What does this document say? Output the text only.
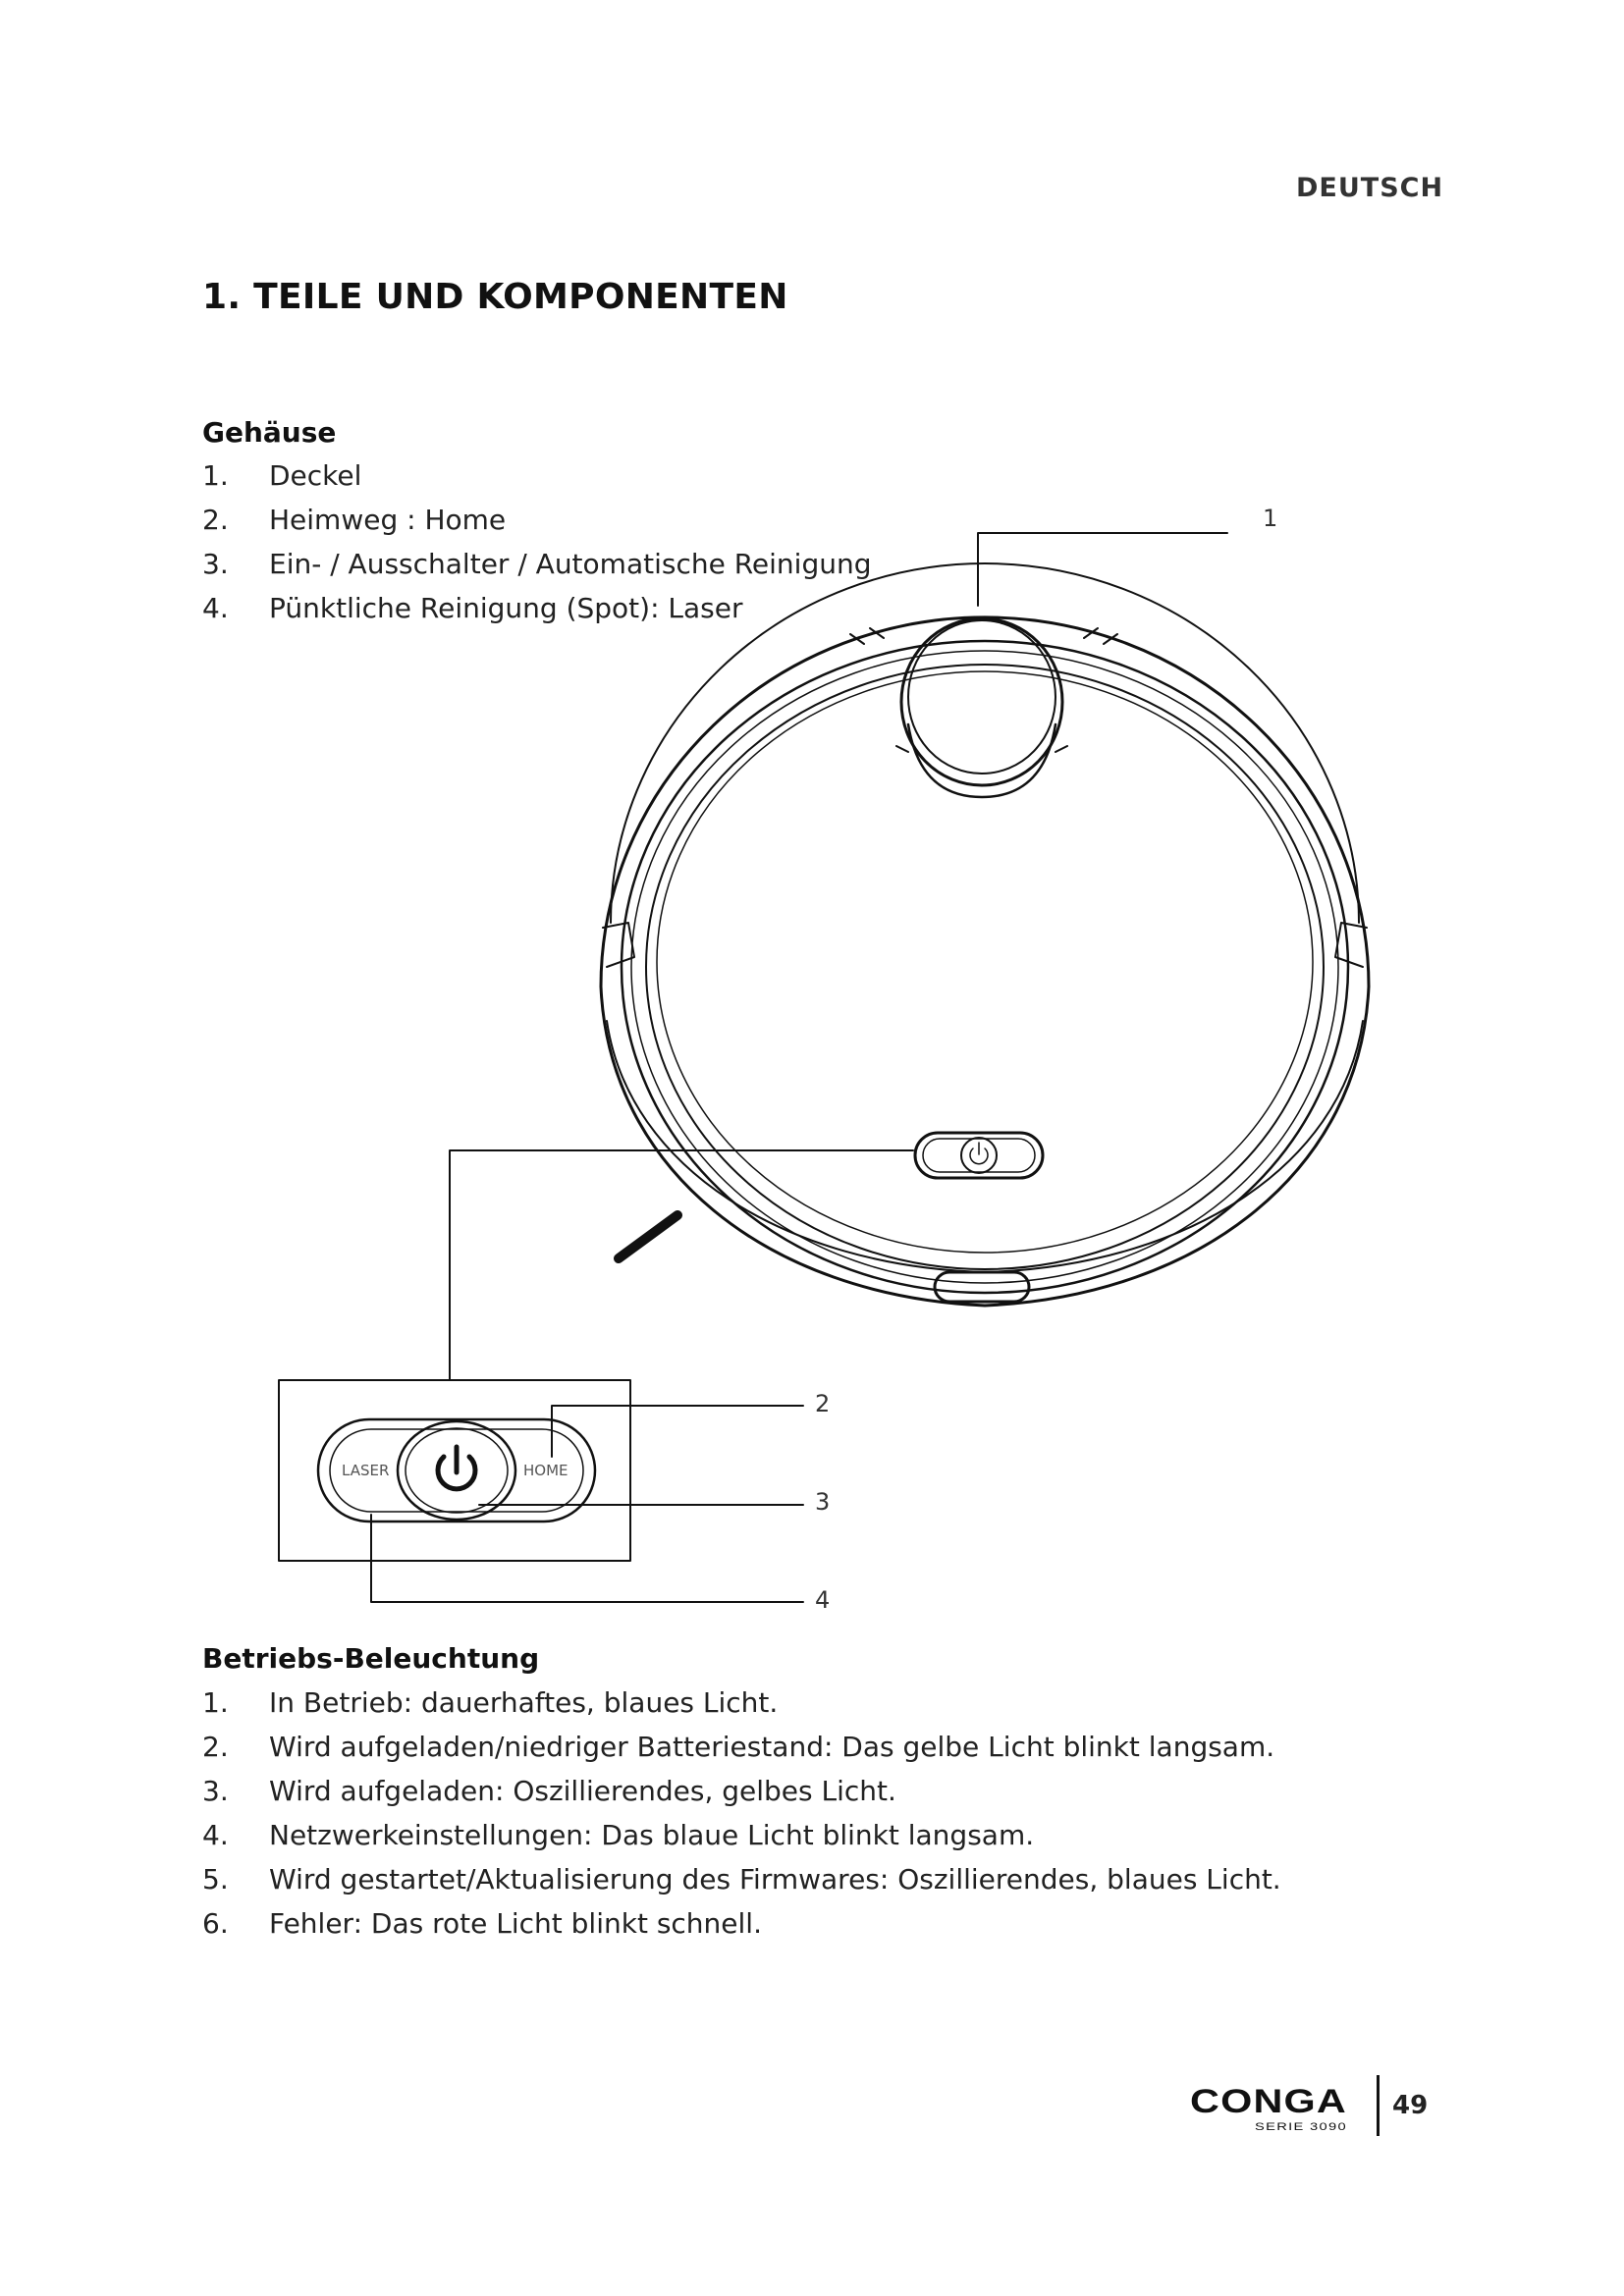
DEUTSCH
1. TEILE UND KOMPONENTEN
Gehäuse
1.	Deckel
2.	Heimweg : Home
3.	Ein- / Ausschalter / Automatische Reinigung
4.	Pünktliche Reinigung (Spot): Laser
1
2
3
4
LASER	HOME
Betriebs-Beleuchtung
1.	In Betrieb: dauerhaftes, blaues Licht.
2.	Wird aufgeladen/niedriger Batteriestand: Das gelbe Licht blinkt langsam.
3.	Wird aufgeladen: Oszillierendes, gelbes Licht.
4.	Netzwerkeinstellungen: Das blaue Licht blinkt langsam.
5.	Wird gestartet/Aktualisierung des Firmwares: Oszillierendes, blaues Licht.
6.	Fehler: Das rote Licht blinkt schnell.
CONGA
SERIE 3090
49
